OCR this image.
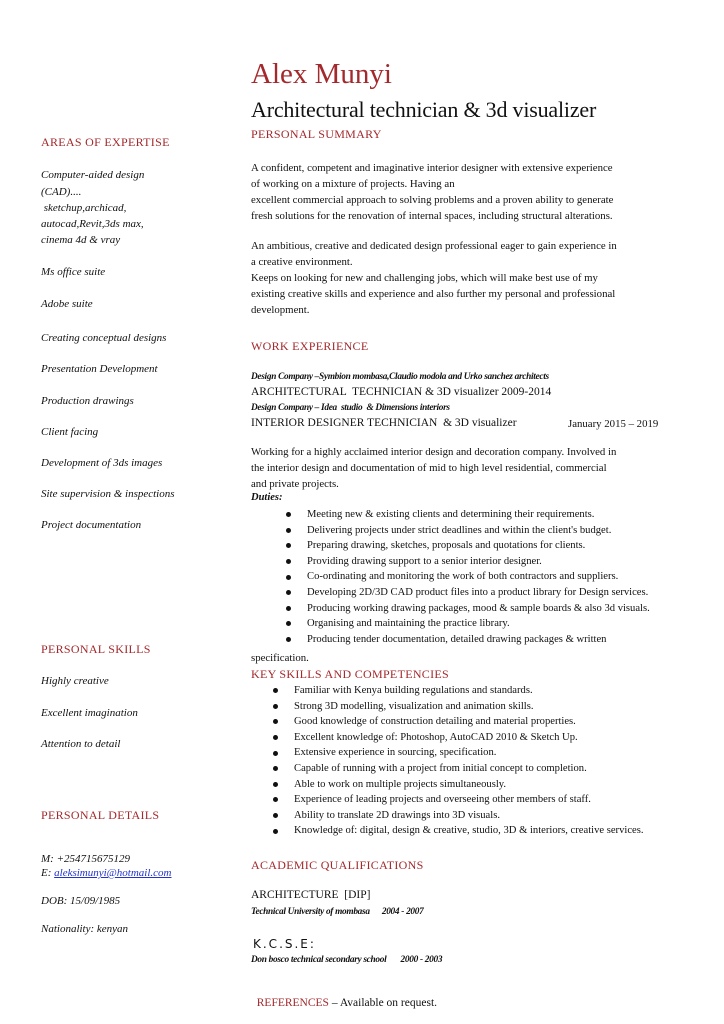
Alex Munyi
Architectural technician & 3d visualizer
AREAS OF EXPERTISE
Computer-aided design
(CAD)....
sketchup,archicad,
autocad,Revit,3ds max,
cinema 4d & vray
Ms office suite
Adobe suite
Creating conceptual designs
Presentation Development
Production drawings
Client facing
Development of 3ds images
Site supervision & inspections
Project documentation
PERSONAL SKILLS
Highly creative
Excellent imagination
Attention to detail
PERSONAL DETAILS
M: +254715675129
E: aleksimunyi@hotmail.com
DOB: 15/09/1985
Nationality: kenyan
PERSONAL SUMMARY
A confident, competent and imaginative interior designer with extensive experience
of working on a mixture of projects. Having an
excellent commercial approach to solving problems and a proven ability to generate
fresh solutions for the renovation of internal spaces, including structural alterations.
An ambitious, creative and dedicated design professional eager to gain experience in
a creative environment.
Keeps on looking for new and challenging jobs, which will make best use of my
existing creative skills and experience and also further my personal and professional
development.
WORK EXPERIENCE
Design Company –Symbion mombasa,Claudio modola and Urko sanchez architects
ARCHITECTURAL  TECHNICIAN & 3D visualizer 2009-2014
Design Company – Idea  studio  & Dimensions interiors
INTERIOR DESIGNER TECHNICIAN  & 3D visualizer	January 2015 – 2019
Working for a highly acclaimed interior design and decoration company. Involved in
the interior design and documentation of mid to high level residential, commercial
and private projects.
Duties:
Meeting new & existing clients and determining their requirements.
Delivering projects under strict deadlines and within the client's budget.
Preparing drawing, sketches, proposals and quotations for clients.
Providing drawing support to a senior interior designer.
Co-ordinating and monitoring the work of both contractors and suppliers.
Developing 2D/3D CAD product files into a product library for Design services.
Producing working drawing packages, mood & sample boards & also 3d visuals.
Organising and maintaining the practice library.
Producing tender documentation, detailed drawing packages & written
specification.
KEY SKILLS AND COMPETENCIES
Familiar with Kenya building regulations and standards.
Strong 3D modelling, visualization and animation skills.
Good knowledge of construction detailing and material properties.
Excellent knowledge of: Photoshop, AutoCAD 2010 & Sketch Up.
Extensive experience in sourcing, specification.
Capable of running with a project from initial concept to completion.
Able to work on multiple projects simultaneously.
Experience of leading projects and overseeing other members of staff.
Ability to translate 2D drawings into 3D visuals.
Knowledge of: digital, design & creative, studio, 3D & interiors, creative services.
ACADEMIC QUALIFICATIONS
ARCHITECTURE  [DIP]
Technical University of mombasa      2004 - 2007
K.C.S.E:
Don bosco technical secondary school       2000 - 2003

REFERENCES – Available on request.
